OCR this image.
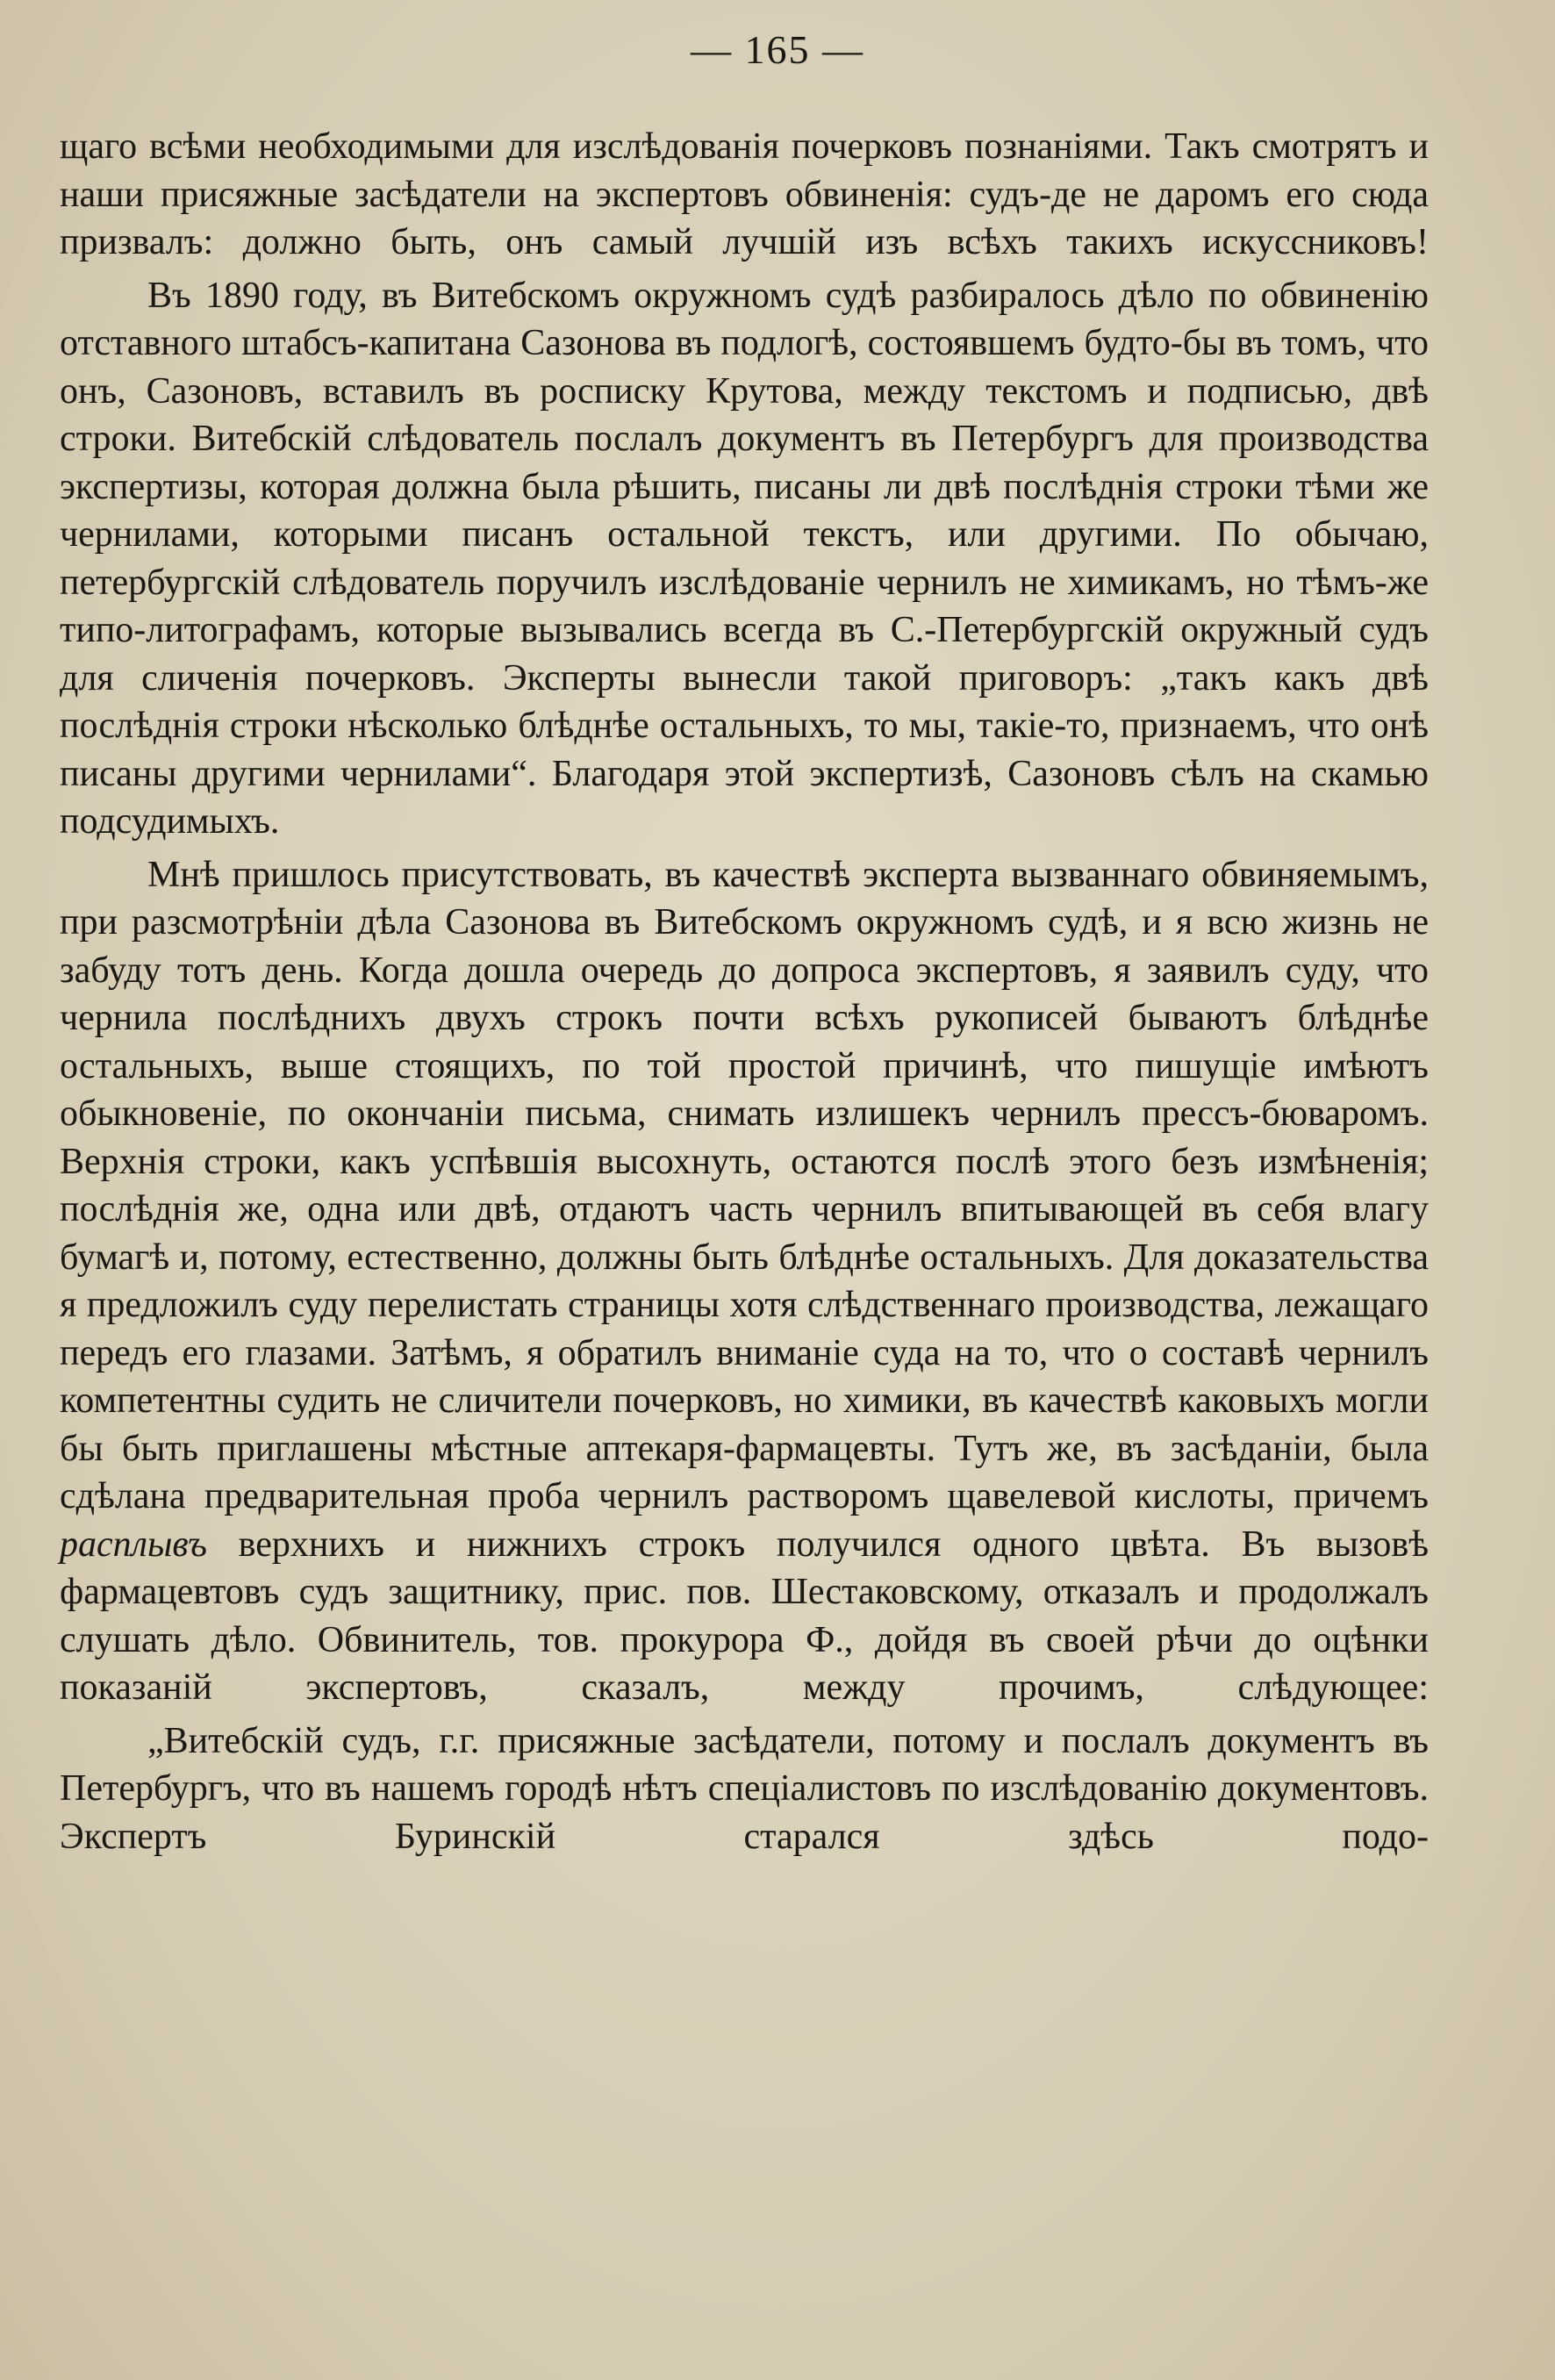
— 165 —

щаго всѣми необходимыми для изслѣдованія почерковъ познаніями. Такъ смотрятъ и наши присяжные засѣдатели на экспертовъ обвиненія: судъ-де не даромъ его сюда призвалъ: должно быть, онъ самый лучшій изъ всѣхъ такихъ искуссниковъ!

Въ 1890 году, въ Витебскомъ окружномъ судѣ разбиралось дѣло по обвиненію отставного штабсъ-капитана Сазонова въ подлогѣ, состоявшемъ будто-бы въ томъ, что онъ, Сазоновъ, вставилъ въ росписку Крутова, между текстомъ и подписью, двѣ строки. Витебскій слѣдователь послалъ документъ въ Петербургъ для производства экспертизы, которая должна была рѣшить, писаны ли двѣ послѣднія строки тѣми же чернилами, которыми писанъ остальной текстъ, или другими. По обычаю, петербургскій слѣдователь поручилъ изслѣдованіе чернилъ не химикамъ, но тѣмъ-же типо-литографамъ, которые вызывались всегда въ С.-Петербургскій окружный судъ для сличенія почерковъ. Эксперты вынесли такой приговоръ: „такъ какъ двѣ послѣднія строки нѣсколько блѣднѣе остальныхъ, то мы, такіе-то, признаемъ, что онѣ писаны другими чернилами“. Благодаря этой экспертизѣ, Сазоновъ сѣлъ на скамью подсудимыхъ.

Мнѣ пришлось присутствовать, въ качествѣ эксперта вызваннаго обвиняемымъ, при разсмотрѣніи дѣла Сазонова въ Витебскомъ окружномъ судѣ, и я всю жизнь не забуду тотъ день. Когда дошла очередь до допроса экспертовъ, я заявилъ суду, что чернила послѣднихъ двухъ строкъ почти всѣхъ рукописей бываютъ блѣднѣе остальныхъ, выше стоящихъ, по той простой причинѣ, что пишущіе имѣютъ обыкновеніе, по окончаніи письма, снимать излишекъ чернилъ прессъ-бюваромъ. Верхнія строки, какъ успѣвшія высохнуть, остаются послѣ этого безъ измѣненія; послѣднія же, одна или двѣ, отдаютъ часть чернилъ впитывающей въ себя влагу бумагѣ и, потому, естественно, должны быть блѣднѣе остальныхъ. Для доказательства я предложилъ суду перелистать страницы хотя слѣдственнаго производства, лежащаго передъ его глазами. Затѣмъ, я обратилъ вниманіе суда на то, что о составѣ чернилъ компетентны судить не сличители почерковъ, но химики, въ качествѣ каковыхъ могли бы быть приглашены мѣстные аптекаря-фармацевты. Тутъ же, въ засѣданіи, была сдѣлана предварительная проба чернилъ растворомъ щавелевой кислоты, причемъ расплывъ верхнихъ и нижнихъ строкъ получился одного цвѣта. Въ вызовѣ фармацевтовъ судъ защитнику, прис. пов. Шестаковскому, отказалъ и продолжалъ слушать дѣло. Обвинитель, тов. прокурора Ф., дойдя въ своей рѣчи до оцѣнки показаній экспертовъ, сказалъ, между прочимъ, слѣдующее:

„Витебскій судъ, г.г. присяжные засѣдатели, потому и послалъ документъ въ Петербургъ, что въ нашемъ городѣ нѣтъ спеціалистовъ по изслѣдованію документовъ. Экспертъ Буринскій старался здѣсь подо-
